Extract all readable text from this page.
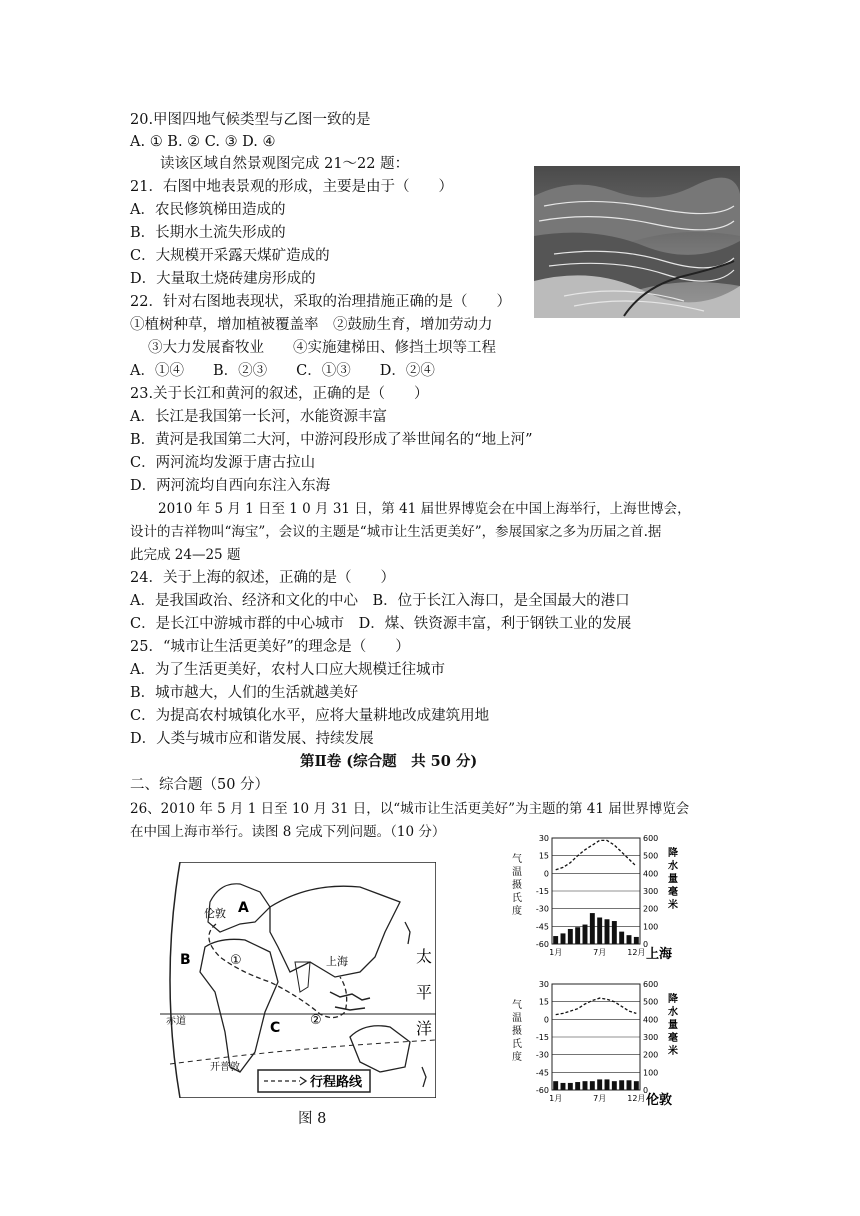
20.甲图四地气候类型与乙图一致的是
A. ① B. ② C. ③ D. ④
读该区域自然景观图完成 21～22 题：
21．右图中地表景观的形成，主要是由于（　　）
A．农民修筑梯田造成的
B．长期水土流失形成的
C．大规模开采露天煤矿造成的
D．大量取土烧砖建房形成的
22．针对右图地表现状，采取的治理措施正确的是（　　）
①植树种草，增加植被覆盖率　②鼓励生育，增加劳动力
③大力发展畜牧业　　④实施建梯田、修挡土坝等工程
A．①④　　B．②③　　C．①③　　D．②④
23.关于长江和黄河的叙述，正确的是（　　）
A．长江是我国第一长河，水能资源丰富
B．黄河是我国第二大河，中游河段形成了举世闻名的“地上河”
C．两河流均发源于唐古拉山
D．两河流均自西向东注入东海
2010 年 5 月 1 日至 1 0 月 31 日，第 41 届世界博览会在中国上海举行，上海世博会，
设计的吉祥物叫“海宝”，会议的主题是“城市让生活更美好”，参展国家之多为历届之首.据
此完成 24—25 题
24．关于上海的叙述，正确的是（　　）
A．是我国政治、经济和文化的中心　B．位于长江入海口，是全国最大的港口
C．是长江中游城市群的中心城市　D．煤、铁资源丰富，利于钢铁工业的发展
25．“城市让生活更美好”的理念是（　　）
A．为了生活更美好，农村人口应大规模迁往城市
B．城市越大，人们的生活就越美好
C．为提高农村城镇化水平，应将大量耕地改成建筑用地
D．人类与城市应和谐发展、持续发展
第Ⅱ卷 (综合题　共 50 分)
二、综合题（50 分）
26、2010 年 5 月 1 日至 10 月 31 日，以“城市让生活更美好”为主题的第 41 届世界博览会
在中国上海市举行。读图 8 完成下列问题。（10 分）
图 8
伦敦 A
B
C
上海
赤道
开普敦
①
②
太
平
洋
行程路线
30	600
15	500
0	400
-15	300
-30	200
-45	100
-60	0
气
温
摄
氏
度
降
水
量
毫
米
1月	7月	12月 上海
30	600
15	500
0	400
-15	300
-30	200
-45	100
-60	0
气
温
摄
氏
度
降
水
量
毫
米
1月	7月	12月 伦敦
